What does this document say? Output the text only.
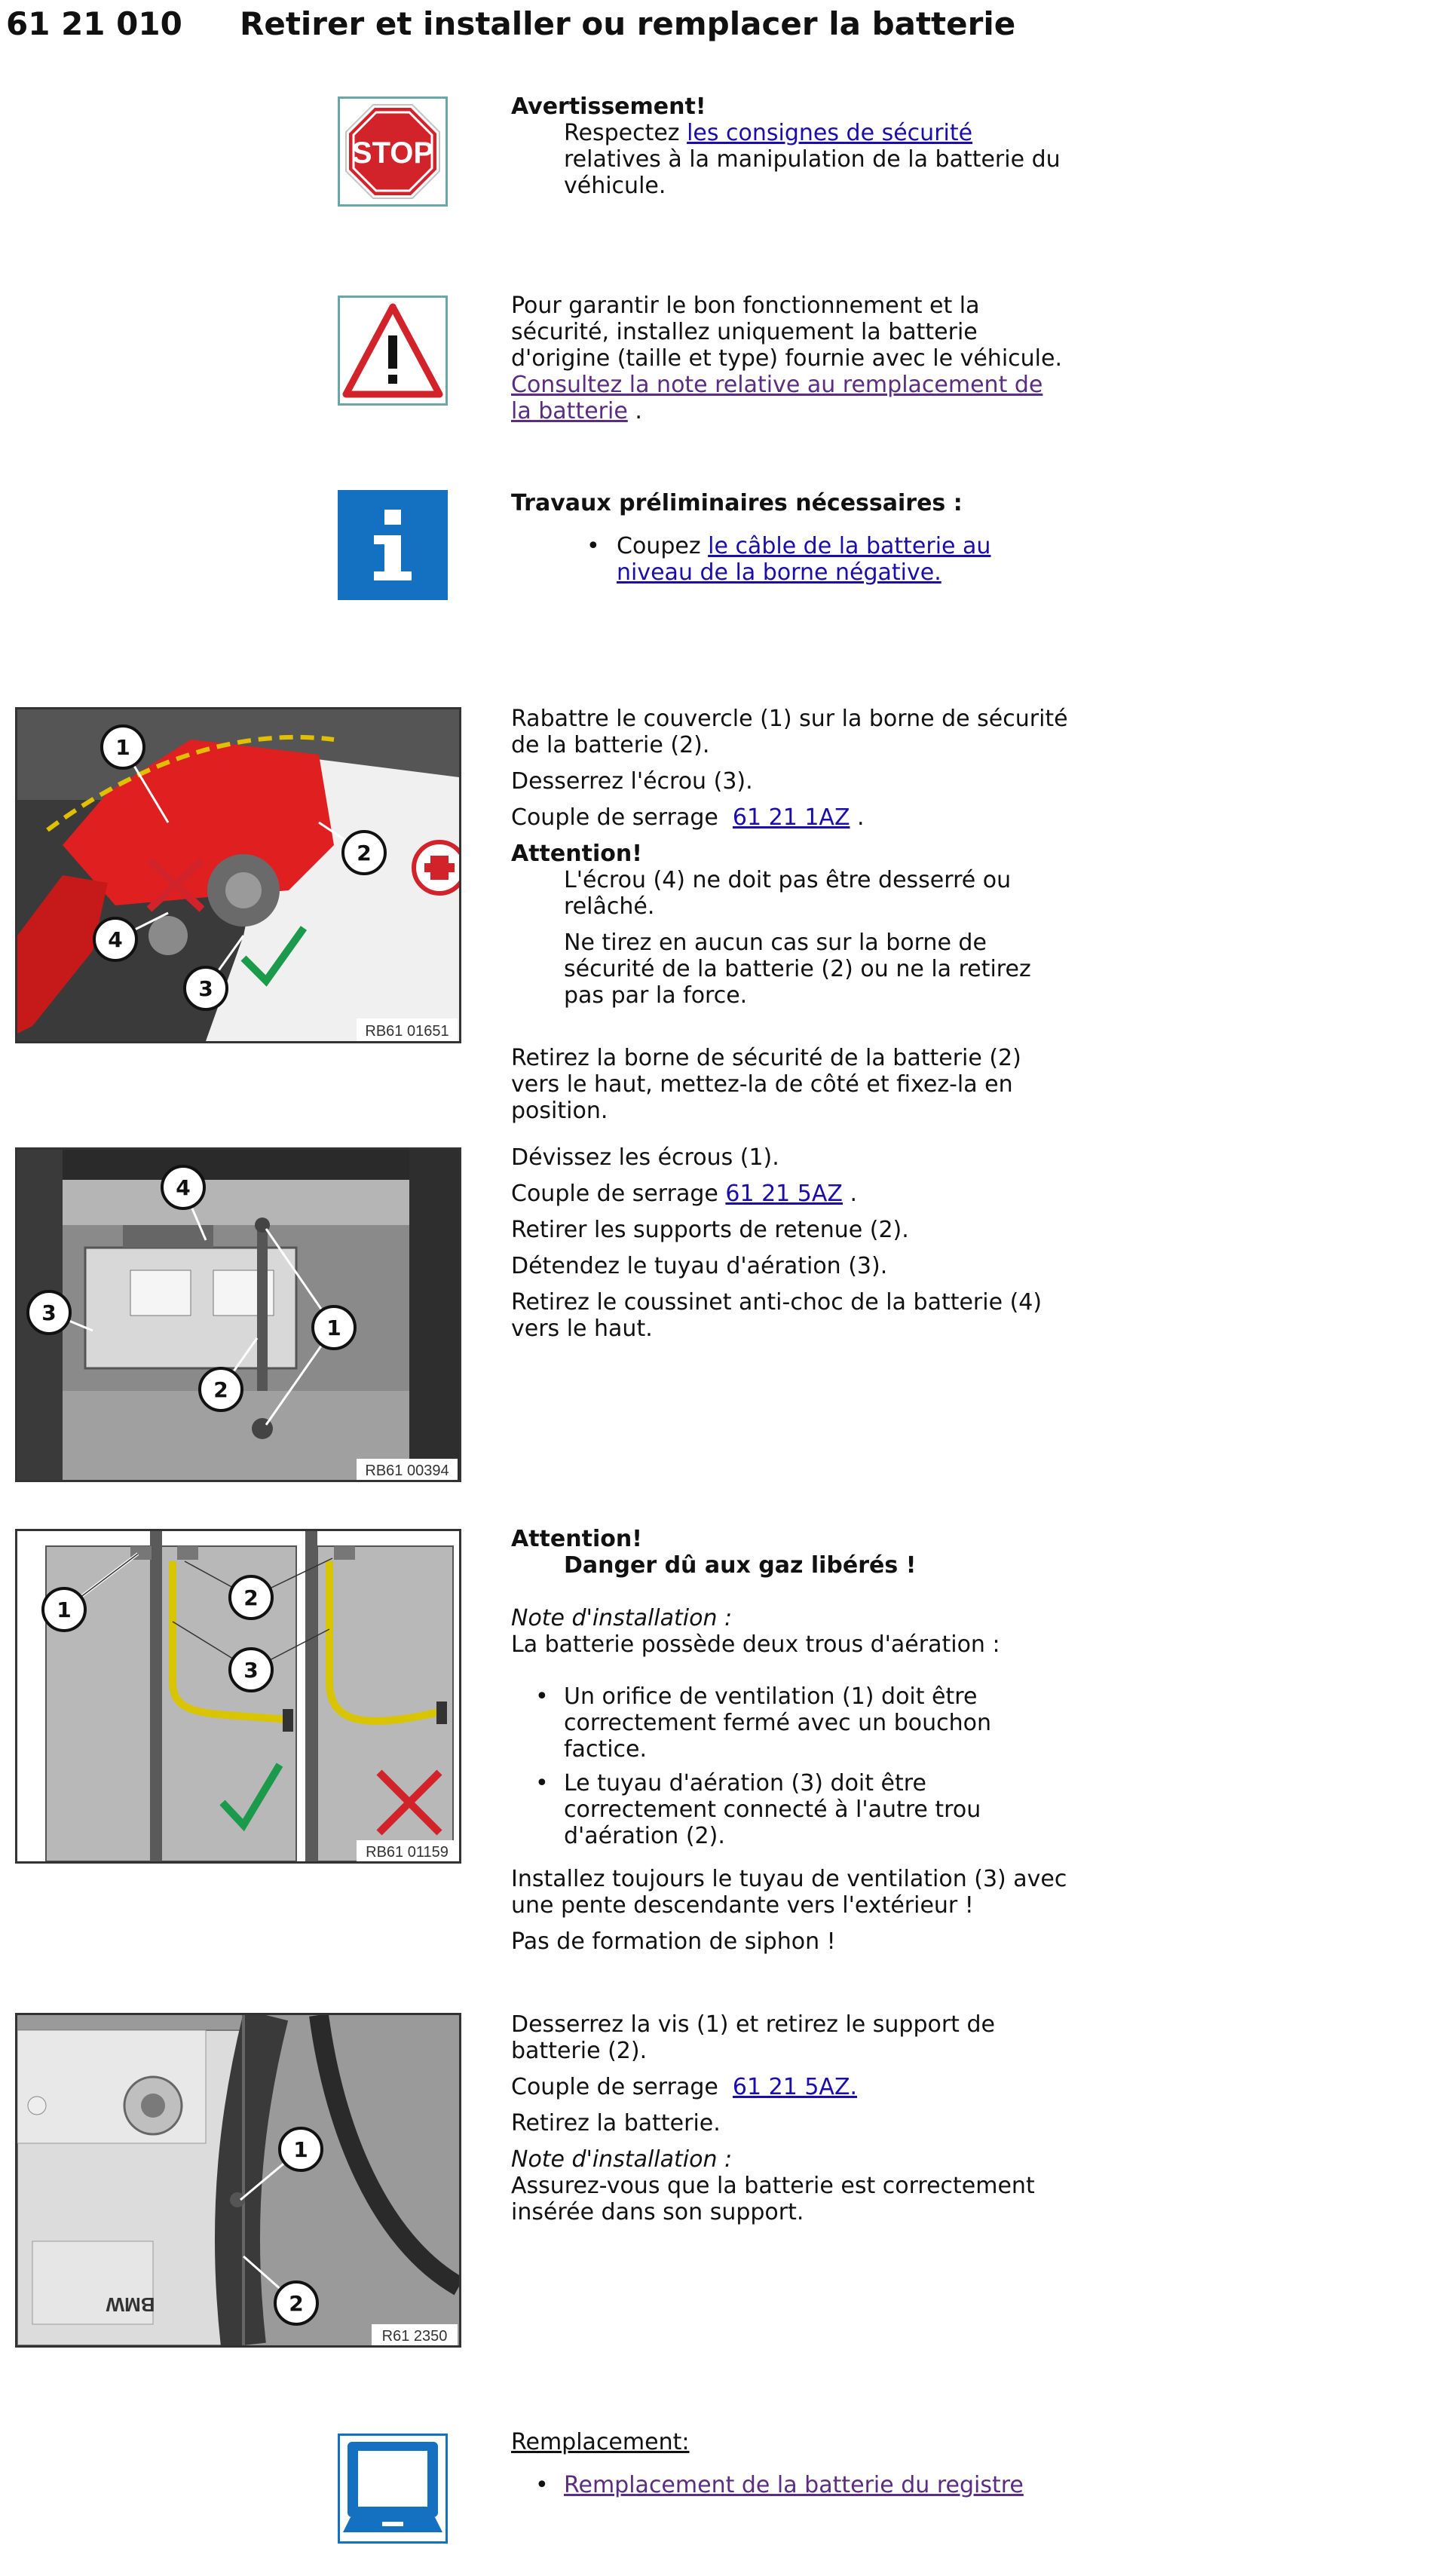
61 21 010 Retirer et installer ou remplacer la batterie
STOP

Avertissement!

Respectez les consignes de sécurité relatives à la manipulation de la batterie du véhicule.

Pour garantir le bon fonctionnement et la sécurité, installez uniquement la batterie d'origine (taille et type) fournie avec le véhicule. Consultez la note relative au remplacement de la batterie .

Travaux préliminaires nécessaires :

• Coupez le câble de la batterie au niveau de la borne négative.
1
2
3
4
RB61 01651

Rabattre le couvercle (1) sur la borne de sécurité de la batterie (2).

Desserrez l'écrou (3).

Couple de serrage 61 21 1AZ .

Attention!

L'écrou (4) ne doit pas être desserré ou relâché.

Ne tirez en aucun cas sur la borne de sécurité de la batterie (2) ou ne la retirez pas par la force.

Retirez la borne de sécurité de la batterie (2) vers le haut, mettez-la de côté et fixez-la en position.

1
2
3
4
RB61 00394

Dévissez les écrous (1).

Couple de serrage 61 21 5AZ .

Retirer les supports de retenue (2).

Détendez le tuyau d'aération (3).

Retirez le coussinet anti-choc de la batterie (4) vers le haut.

1	2
3
RB61 01159

Attention!

Danger dû aux gaz libérés !

Note d'installation :

La batterie possède deux trous d'aération :

• Un orifice de ventilation (1) doit être correctement fermé avec un bouchon factice.
• Le tuyau d'aération (3) doit être correctement connecté à l'autre trou d'aération (2).

Installez toujours le tuyau de ventilation (3) avec une pente descendante vers l'extérieur !

Pas de formation de siphon !

BMW
1
2
R61 2350

Desserrez la vis (1) et retirez le support de batterie (2).

Couple de serrage 61 21 5AZ.

Retirez la batterie.

Note d'installation :

Assurez-vous que la batterie est correctement insérée dans son support.

Remplacement:

• Remplacement de la batterie du registre
